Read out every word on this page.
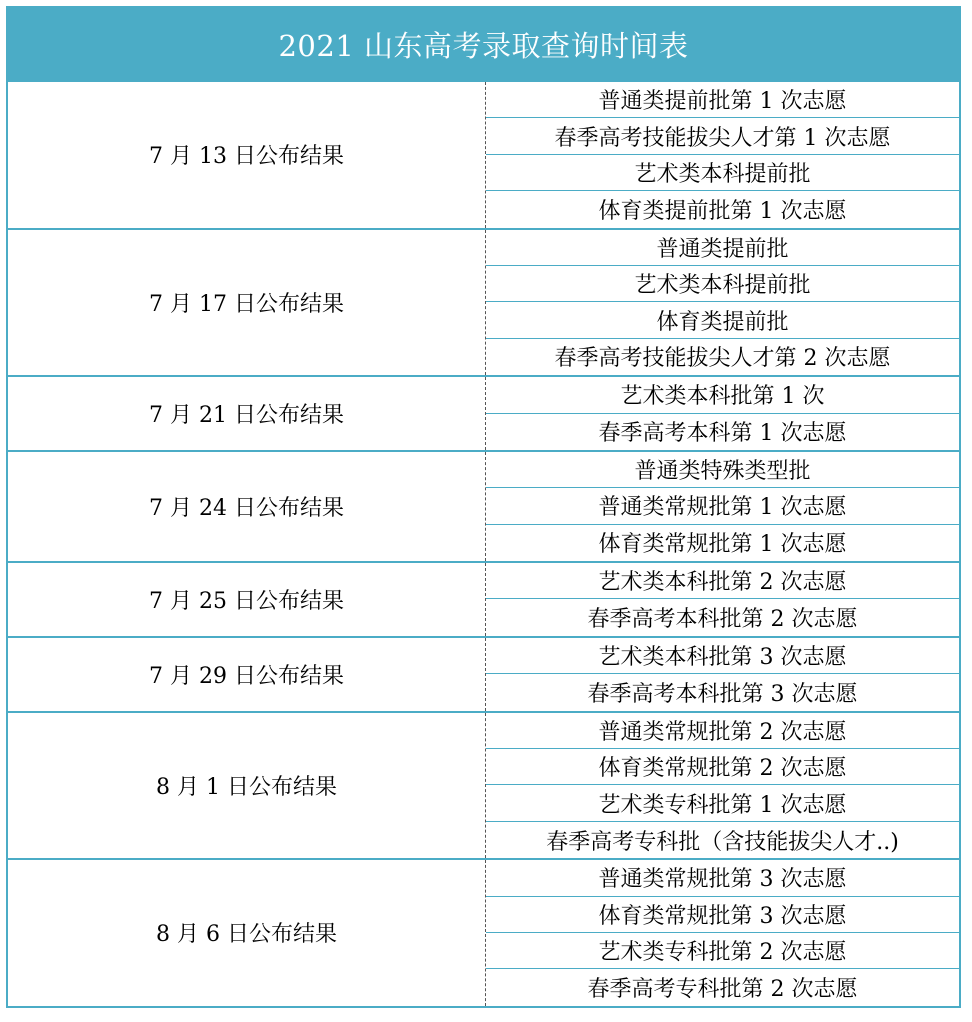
2021 山东高考录取查询时间表
7 月 13 日公布结果
普通类提前批第 1 次志愿
春季高考技能拔尖人才第 1 次志愿
艺术类本科提前批
体育类提前批第 1 次志愿
7 月 17 日公布结果
普通类提前批
艺术类本科提前批
体育类提前批
春季高考技能拔尖人才第 2 次志愿
7 月 21 日公布结果
艺术类本科批第 1 次
春季高考本科第 1 次志愿
7 月 24 日公布结果
普通类特殊类型批
普通类常规批第 1 次志愿
体育类常规批第 1 次志愿
7 月 25 日公布结果
艺术类本科批第 2 次志愿
春季高考本科批第 2 次志愿
7 月 29 日公布结果
艺术类本科批第 3 次志愿
春季高考本科批第 3 次志愿
8 月 1 日公布结果
普通类常规批第 2 次志愿
体育类常规批第 2 次志愿
艺术类专科批第 1 次志愿
春季高考专科批（含技能拔尖人才..)
8 月 6 日公布结果
普通类常规批第 3 次志愿
体育类常规批第 3 次志愿
艺术类专科批第 2 次志愿
春季高考专科批第 2 次志愿
